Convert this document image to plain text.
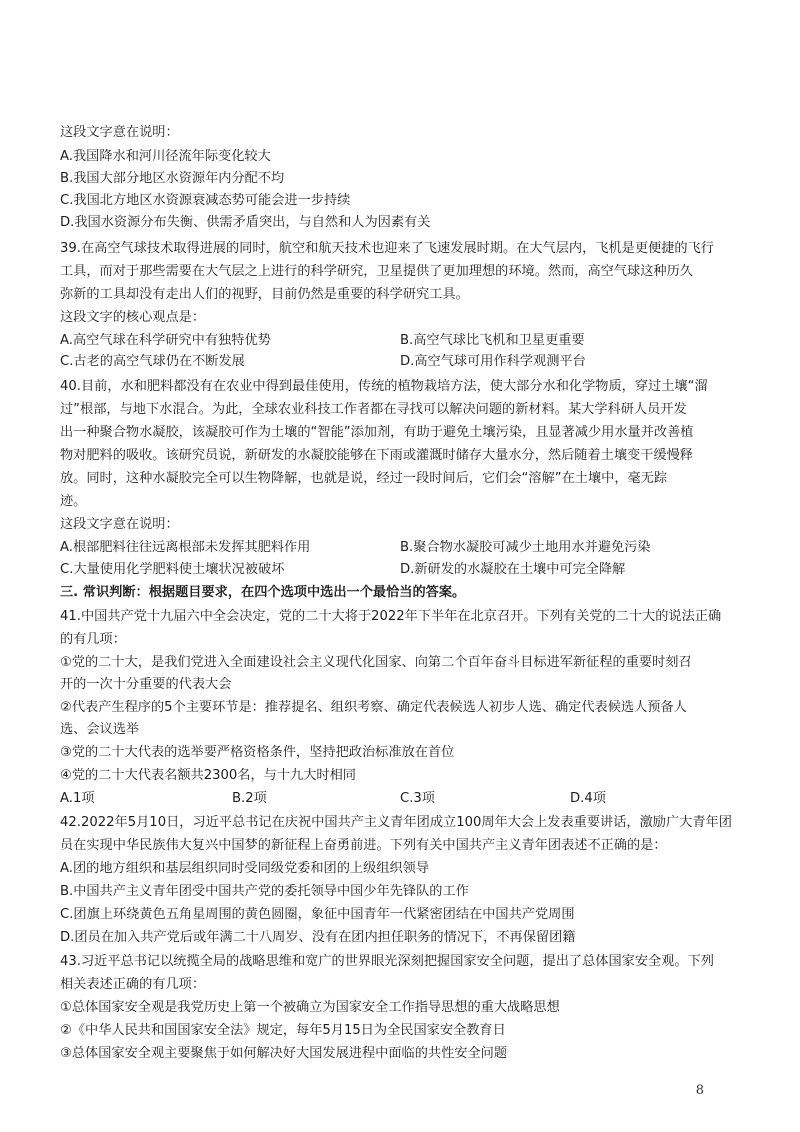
这段文字意在说明：
A.我国降水和河川径流年际变化较大
B.我国大部分地区水资源年内分配不均
C.我国北方地区水资源衰减态势可能会进一步持续
D.我国水资源分布失衡、供需矛盾突出，与自然和人为因素有关
39.在高空气球技术取得进展的同时，航空和航天技术也迎来了飞速发展时期。在大气层内，飞机是更便捷的飞行
工具，而对于那些需要在大气层之上进行的科学研究，卫星提供了更加理想的环境。然而，高空气球这种历久
弥新的工具却没有走出人们的视野，目前仍然是重要的科学研究工具。
这段文字的核心观点是：
A.高空气球在科学研究中有独特优势	B.高空气球比飞机和卫星更重要
C.古老的高空气球仍在不断发展	D.高空气球可用作科学观测平台
40.目前，水和肥料都没有在农业中得到最佳使用，传统的植物栽培方法，使大部分水和化学物质，穿过土壤“溜
过”根部，与地下水混合。为此，全球农业科技工作者都在寻找可以解决问题的新材料。某大学科研人员开发
出一种聚合物水凝胶，该凝胶可作为土壤的“智能”添加剂，有助于避免土壤污染，且显著减少用水量并改善植
物对肥料的吸收。该研究员说，新研发的水凝胶能够在下雨或灌溉时储存大量水分，然后随着土壤变干缓慢释
放。同时，这种水凝胶完全可以生物降解，也就是说，经过一段时间后，它们会“溶解”在土壤中，毫无踪
迹。
这段文字意在说明：
A.根部肥料往往远离根部未发挥其肥料作用	B.聚合物水凝胶可减少土地用水并避免污染
C.大量使用化学肥料使土壤状况被破坏	D.新研发的水凝胶在土壤中可完全降解
三. 常识判断：根据题目要求，在四个选项中选出一个最恰当的答案。
41.中国共产党十九届六中全会决定，党的二十大将于2022年下半年在北京召开。下列有关党的二十大的说法正确
的有几项：
①党的二十大，是我们党进入全面建设社会主义现代化国家、向第二个百年奋斗目标进军新征程的重要时刻召
开的一次十分重要的代表大会
②代表产生程序的5个主要环节是：推荐提名、组织考察、确定代表候选人初步人选、确定代表候选人预备人
选、会议选举
③党的二十大代表的选举要严格资格条件，坚持把政治标准放在首位
④党的二十大代表名额共2300名，与十九大时相同
A.1项	B.2项	C.3项	D.4项
42.2022年5月10日，习近平总书记在庆祝中国共产主义青年团成立100周年大会上发表重要讲话，激励广大青年团
员在实现中华民族伟大复兴中国梦的新征程上奋勇前进。下列有关中国共产主义青年团表述不正确的是：
A.团的地方组织和基层组织同时受同级党委和团的上级组织领导
B.中国共产主义青年团受中国共产党的委托领导中国少年先锋队的工作
C.团旗上环绕黄色五角星周围的黄色圆圈，象征中国青年一代紧密团结在中国共产党周围
D.团员在加入共产党后或年满二十八周岁、没有在团内担任职务的情况下，不再保留团籍
43.习近平总书记以统揽全局的战略思维和宽广的世界眼光深刻把握国家安全问题，提出了总体国家安全观。下列
相关表述正确的有几项：
①总体国家安全观是我党历史上第一个被确立为国家安全工作指导思想的重大战略思想
②《中华人民共和国国家安全法》规定，每年5月15日为全民国家安全教育日
③总体国家安全观主要聚焦于如何解决好大国发展进程中面临的共性安全问题
8
